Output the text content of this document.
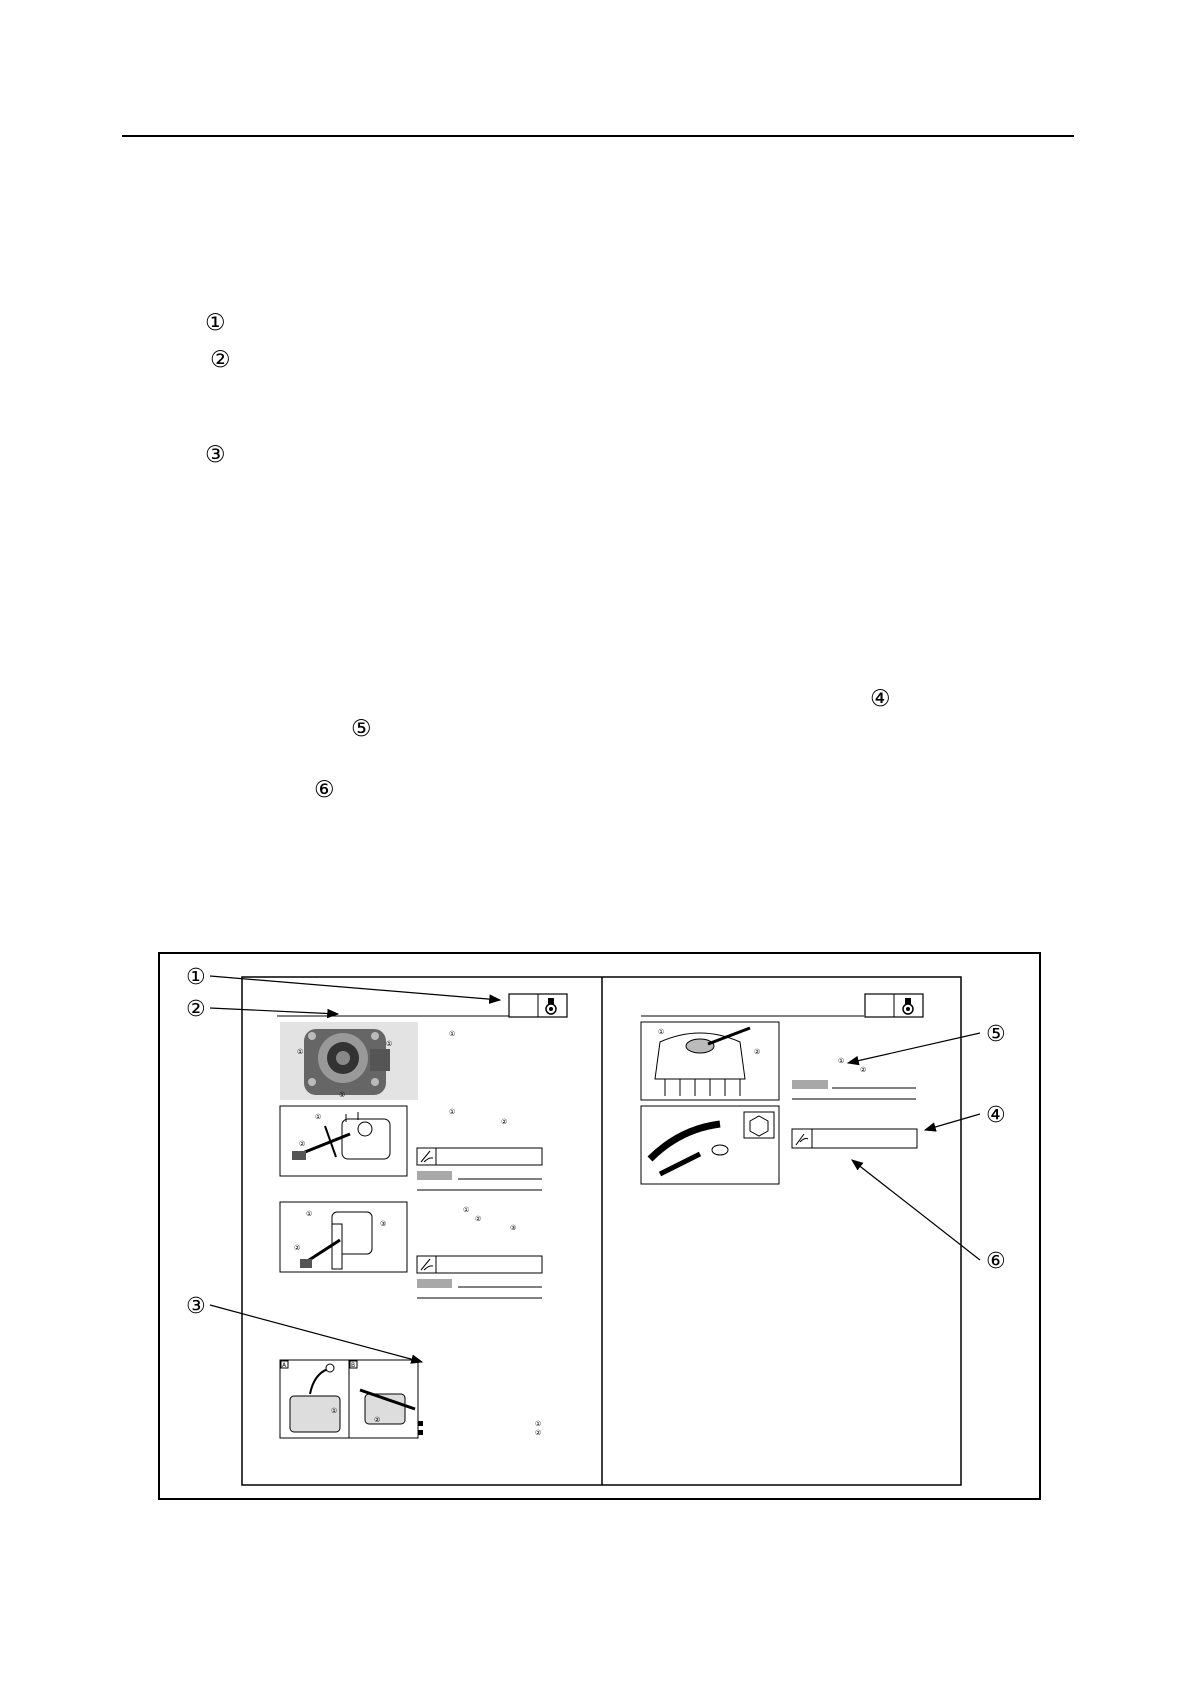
①
②
③
④
⑤
⑥
①
①
①
①
①
②
①
②
①
②
③
①
②
③
A	B
①
②	①
②
①
②
①
②
①
②
③
④
⑤
⑥
